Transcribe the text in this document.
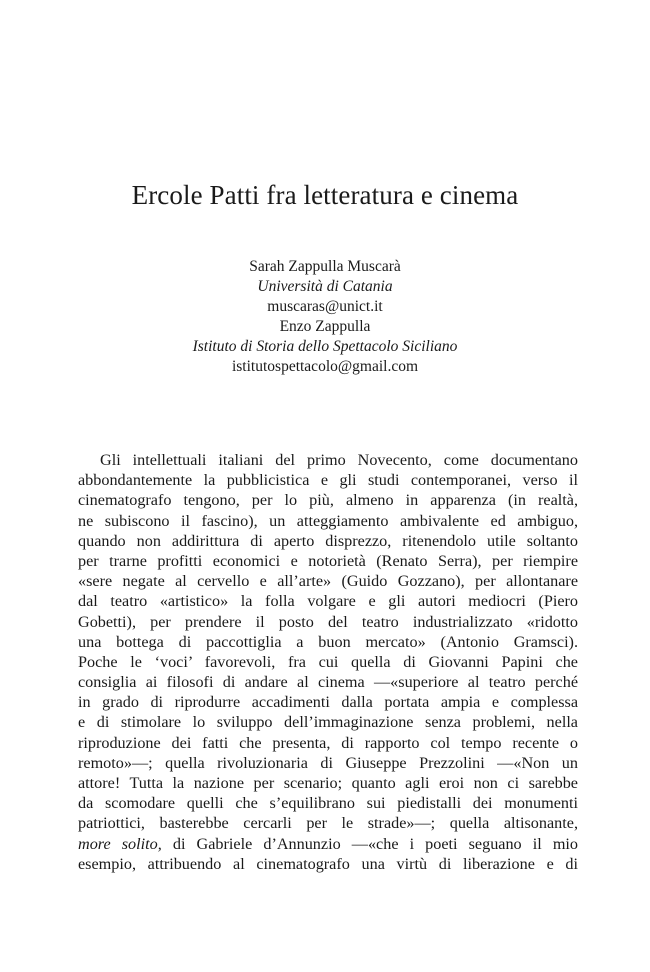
Ercole Patti fra letteratura e cinema
Sarah Zappulla Muscarà
Università di Catania
muscaras@unict.it
Enzo Zappulla
Istituto di Storia dello Spettacolo Siciliano
istitutospettacolo@gmail.com
Gli intellettuali italiani del primo Novecento, come documentano
abbondantemente la pubblicistica e gli studi contemporanei, verso il
cinematografo tengono, per lo più, almeno in apparenza (in realtà,
ne subiscono il fascino), un atteggiamento ambivalente ed ambiguo,
quando non addirittura di aperto disprezzo, ritenendolo utile soltanto
per trarne profitti economici e notorietà (Renato Serra), per riempire
«sere negate al cervello e all’arte» (Guido Gozzano), per allontanare
dal teatro «artistico» la folla volgare e gli autori mediocri (Piero
Gobetti), per prendere il posto del teatro industrializzato «ridotto
una bottega di paccottiglia a buon mercato» (Antonio Gramsci).
Poche le ‘voci’ favorevoli, fra cui quella di Giovanni Papini che
consiglia ai filosofi di andare al cinema —«superiore al teatro perché
in grado di riprodurre accadimenti dalla portata ampia e complessa
e di stimolare lo sviluppo dell’immaginazione senza problemi, nella
riproduzione dei fatti che presenta, di rapporto col tempo recente o
remoto»—; quella rivoluzionaria di Giuseppe Prezzolini —«Non un
attore! Tutta la nazione per scenario; quanto agli eroi non ci sarebbe
da scomodare quelli che s’equilibrano sui piedistalli dei monumenti
patriottici, basterebbe cercarli per le strade»—; quella altisonante,
more solito, di Gabriele d’Annunzio —«che i poeti seguano il mio
esempio, attribuendo al cinematografo una virtù di liberazione e di
